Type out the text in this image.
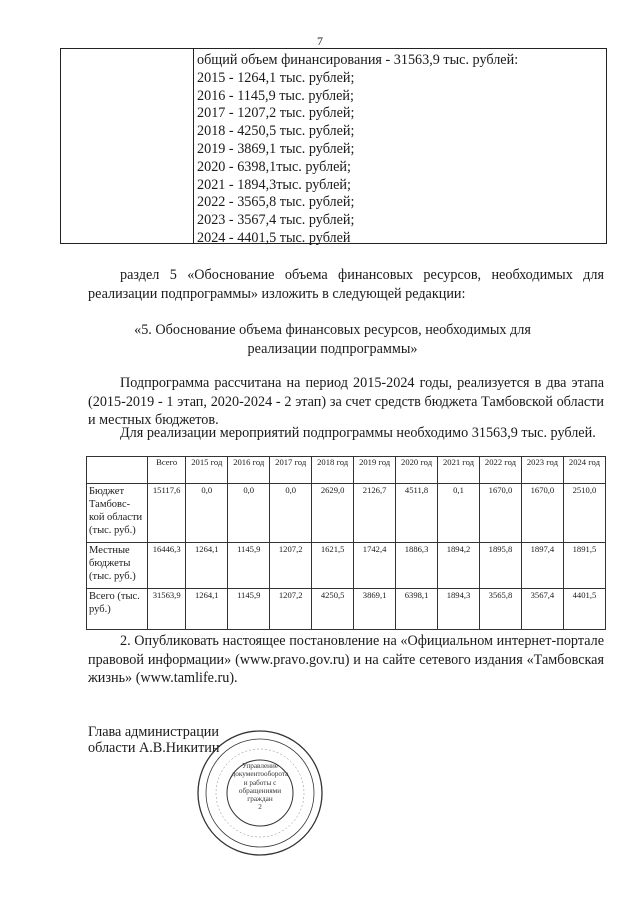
7
общий объем финансирования - 31563,9 тыс. рублей:
2015 - 1264,1 тыс. рублей;
2016 - 1145,9 тыс. рублей;
2017 - 1207,2 тыс. рублей;
2018 - 4250,5 тыс. рублей;
2019 - 3869,1 тыс. рублей;
2020 - 6398,1тыс. рублей;
2021 - 1894,3тыс. рублей;
2022 - 3565,8 тыс. рублей;
2023 - 3567,4 тыс. рублей;
2024 - 4401,5 тыс. рублей
раздел 5 «Обоснование объема финансовых ресурсов, необходимых для реализации подпрограммы» изложить в следующей редакции:
«5. Обоснование объема финансовых ресурсов, необходимых для
реализации подпрограммы»
Подпрограмма рассчитана на период 2015-2024 годы, реализуется в два этапа (2015-2019 - 1 этап, 2020-2024 - 2 этап) за счет средств бюджета Тамбовской области и местных бюджетов.
Для реализации мероприятий подпрограммы необходимо 31563,9 тыс. рублей.
	Всего	2015 год	2016 год	2017 год	2018 год	2019 год	2020 год	2021 год	2022 год	2023 год	2024 год
Бюджет Тамбовс-кой области (тыс. руб.)	15117,6	0,0	0,0	0,0	2629,0	2126,7	4511,8	0,1	1670,0	1670,0	2510,0
Местные бюджеты (тыс. руб.)	16446,3	1264,1	1145,9	1207,2	1621,5	1742,4	1886,3	1894,2	1895,8	1897,4	1891,5
Всего (тыс. руб.)	31563,9	1264,1	1145,9	1207,2	4250,5	3869,1	6398,1	1894,3	3565,8	3567,4	4401,5
2. Опубликовать настоящее постановление на «Официальном интернет-портале правовой информации» (www.pravo.gov.ru) и на сайте сетевого издания «Тамбовская жизнь» (www.tamlife.ru).
Глава администрации
области А.В.Никитин
Управление документооборота и работы с обращениями граждан
2
